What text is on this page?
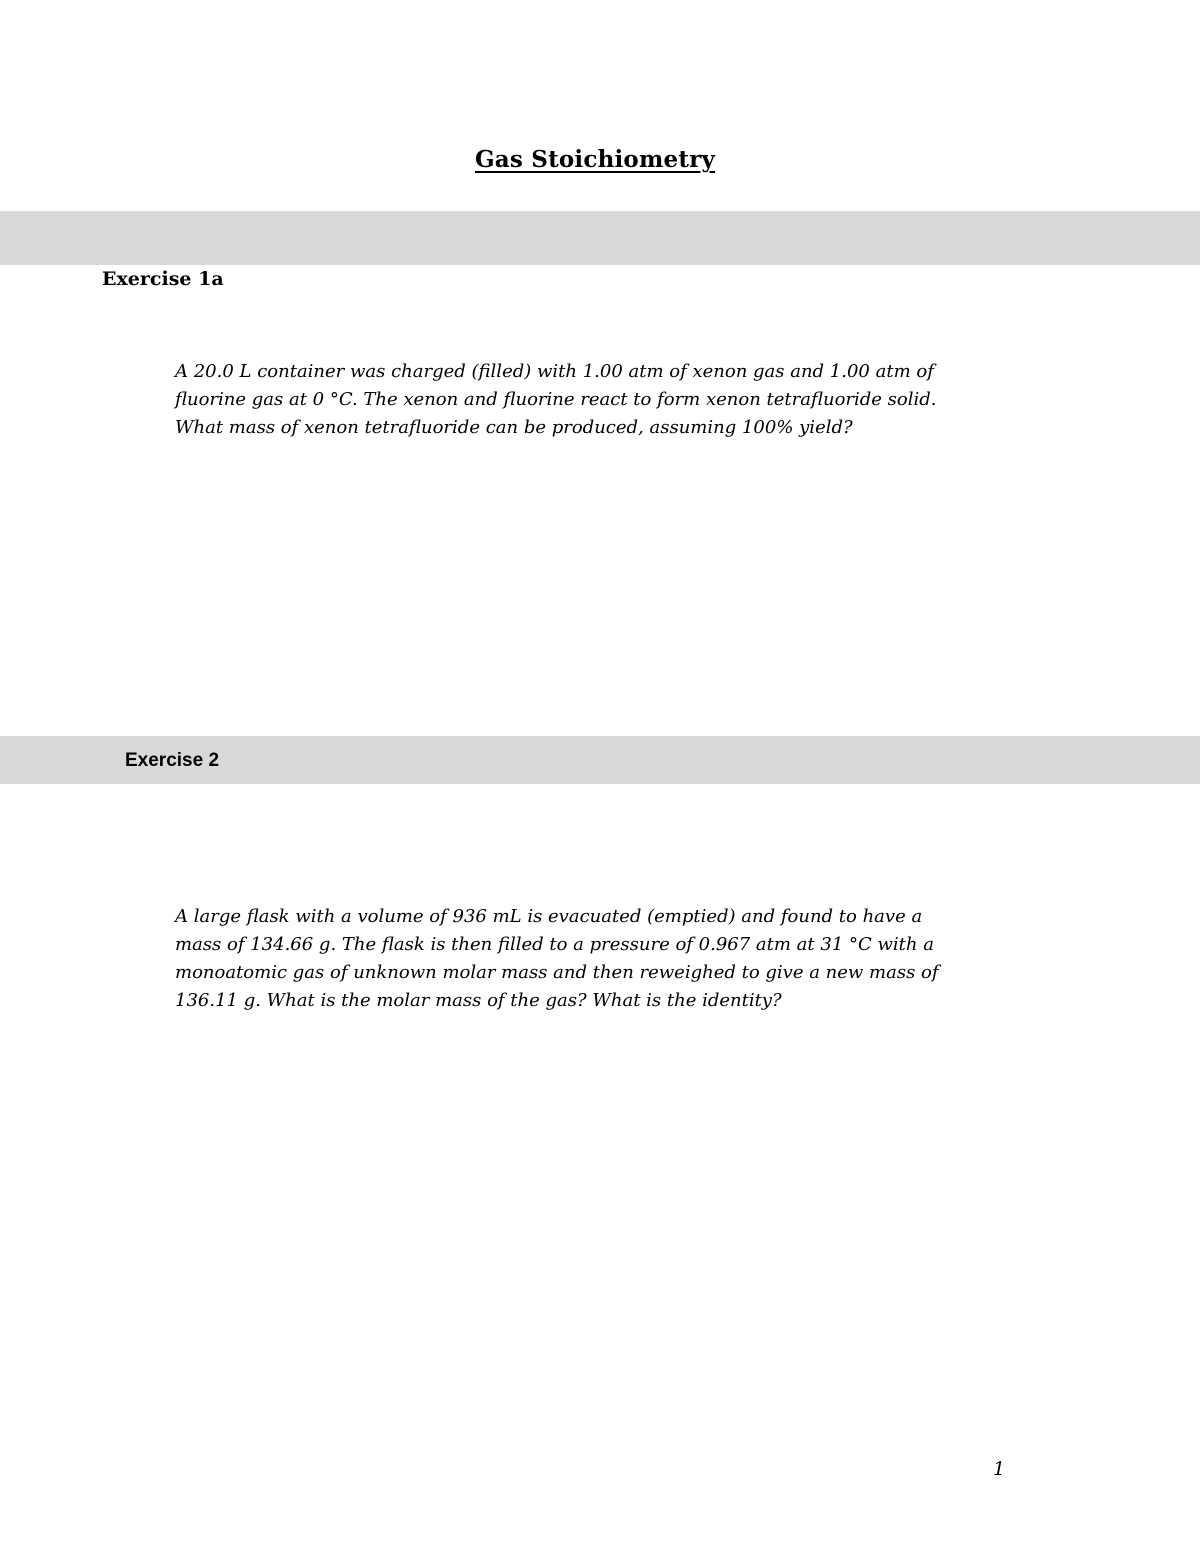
Gas Stoichiometry
Exercise 1a

A 20.0 L container was charged (filled) with 1.00 atm of xenon gas and 1.00 atm of
fluorine gas at 0 °C. The xenon and fluorine react to form xenon tetrafluoride solid.
What mass of xenon tetrafluoride can be produced, assuming 100% yield?

Exercise 2

A large flask with a volume of 936 mL is evacuated (emptied) and found to have a
mass of 134.66 g. The flask is then filled to a pressure of 0.967 atm at 31 °C with a
monoatomic gas of unknown molar mass and then reweighed to give a new mass of
136.11 g. What is the molar mass of the gas? What is the identity?

1
